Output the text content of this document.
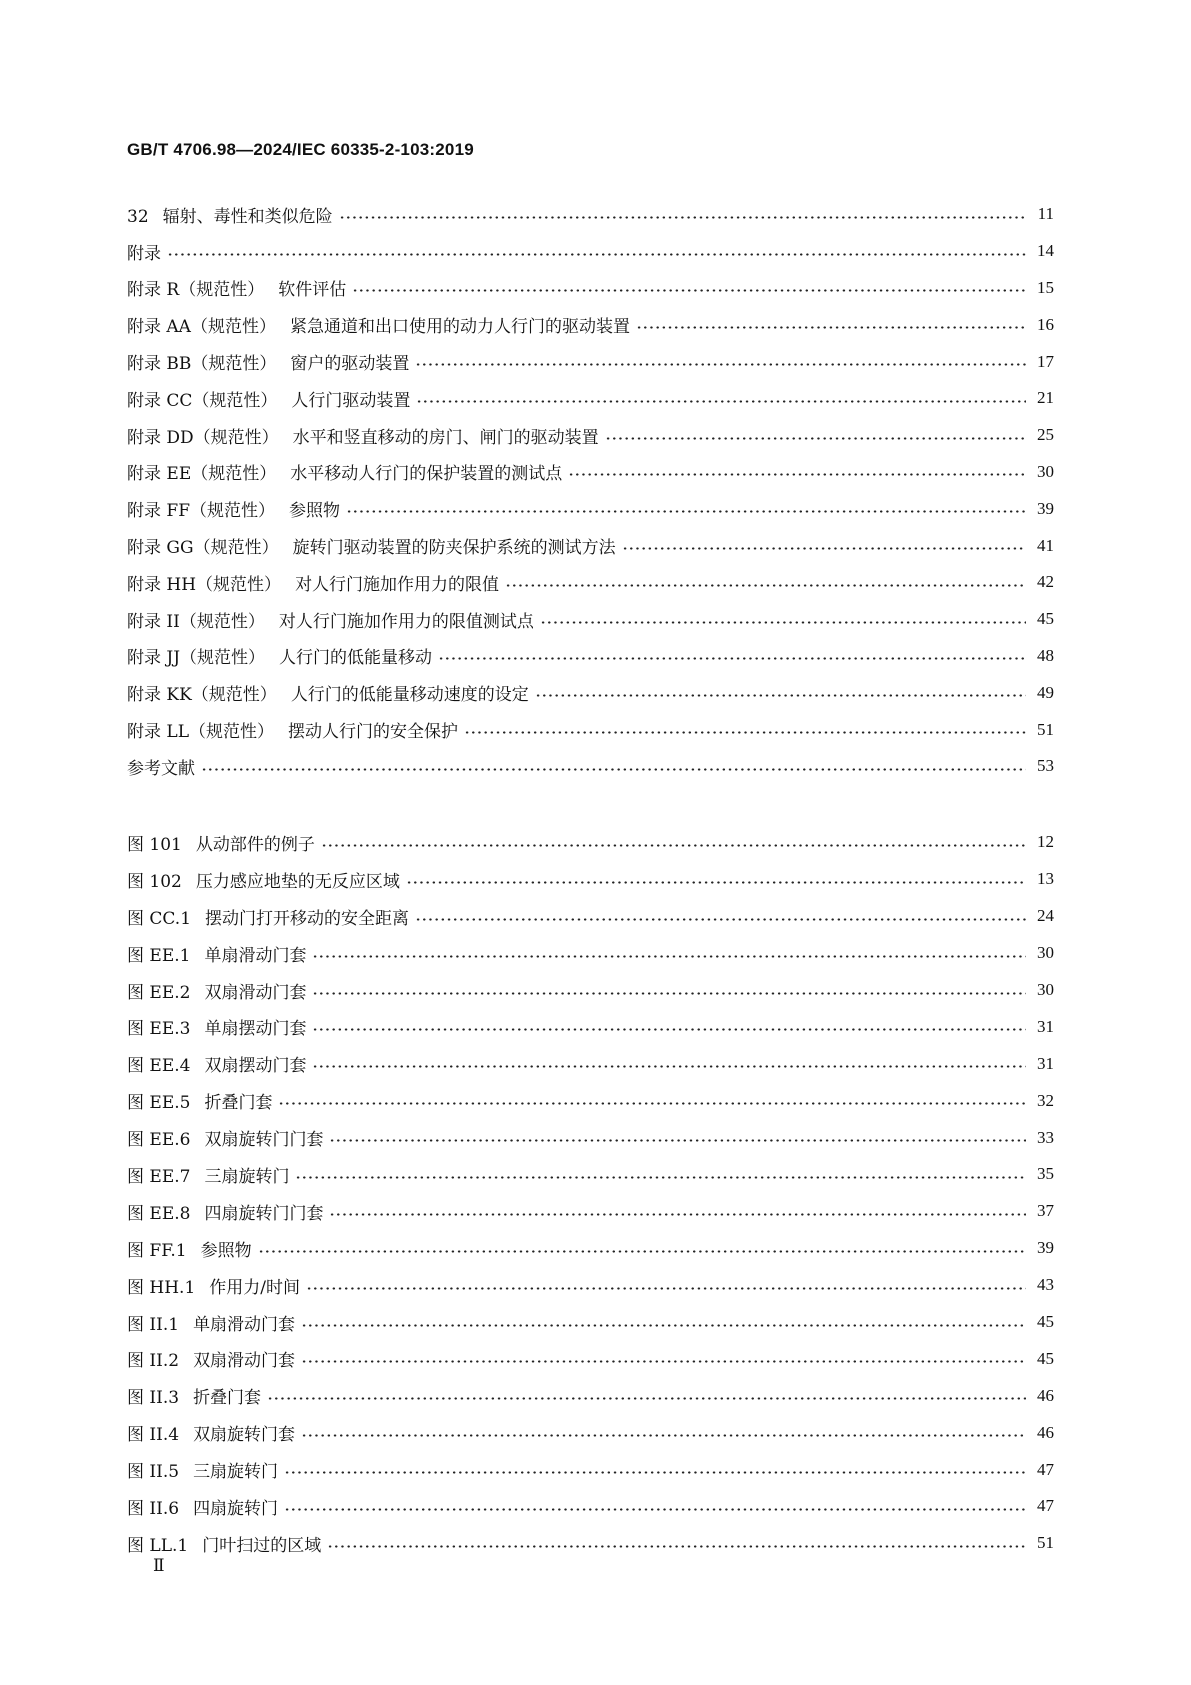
GB/T 4706.98—2024/IEC 60335-2-103:2019
32 辐射、毒性和类似危险	11
附录	14
附录 R（规范性） 软件评估	15
附录 AA（规范性） 紧急通道和出口使用的动力人行门的驱动装置	16
附录 BB（规范性） 窗户的驱动装置	17
附录 CC（规范性） 人行门驱动装置	21
附录 DD（规范性） 水平和竖直移动的房门、闸门的驱动装置	25
附录 EE（规范性） 水平移动人行门的保护装置的测试点	30
附录 FF（规范性） 参照物	39
附录 GG（规范性） 旋转门驱动装置的防夹保护系统的测试方法	41
附录 HH（规范性） 对人行门施加作用力的限值	42
附录 II（规范性） 对人行门施加作用力的限值测试点	45
附录 JJ（规范性） 人行门的低能量移动	48
附录 KK（规范性） 人行门的低能量移动速度的设定	49
附录 LL（规范性） 摆动人行门的安全保护	51
参考文献	53
图 101 从动部件的例子	12
图 102 压力感应地垫的无反应区域	13
图 CC.1 摆动门打开移动的安全距离	24
图 EE.1 单扇滑动门套	30
图 EE.2 双扇滑动门套	30
图 EE.3 单扇摆动门套	31
图 EE.4 双扇摆动门套	31
图 EE.5 折叠门套	32
图 EE.6 双扇旋转门门套	33
图 EE.7 三扇旋转门	35
图 EE.8 四扇旋转门门套	37
图 FF.1 参照物	39
图 HH.1 作用力/时间	43
图 II.1 单扇滑动门套	45
图 II.2 双扇滑动门套	45
图 II.3 折叠门套	46
图 II.4 双扇旋转门套	46
图 II.5 三扇旋转门	47
图 II.6 四扇旋转门	47
图 LL.1 门叶扫过的区域	51
Ⅱ
